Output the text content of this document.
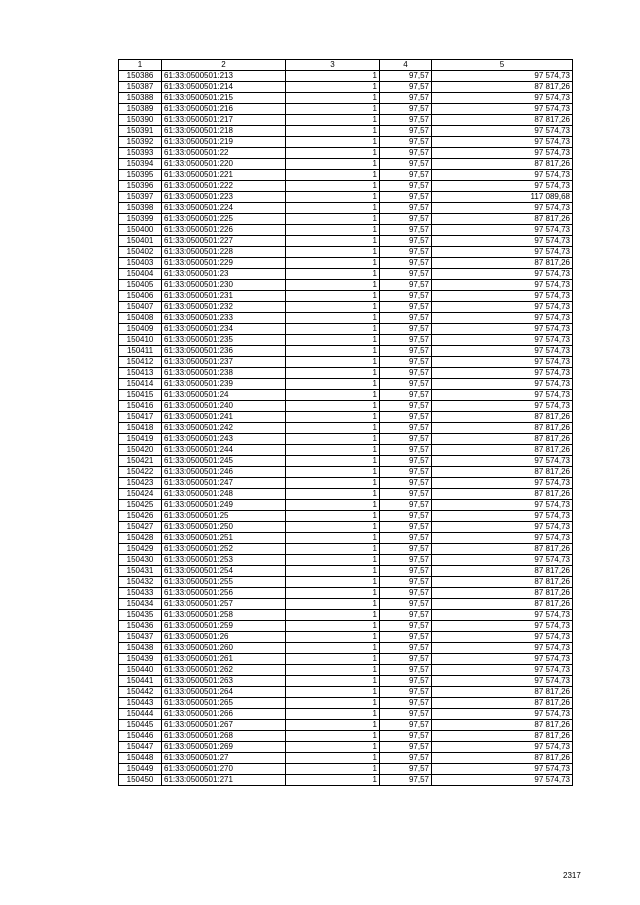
1	2	3	4	5
150386	61:33:0500501:213	1	97,57	97 574,73
150387	61:33:0500501:214	1	97,57	87 817,26
150388	61:33:0500501:215	1	97,57	97 574,73
150389	61:33:0500501:216	1	97,57	97 574,73
150390	61:33:0500501:217	1	97,57	87 817,26
150391	61:33:0500501:218	1	97,57	97 574,73
150392	61:33:0500501:219	1	97,57	97 574,73
150393	61:33:0500501:22	1	97,57	97 574,73
150394	61:33:0500501:220	1	97,57	87 817,26
150395	61:33:0500501:221	1	97,57	97 574,73
150396	61:33:0500501:222	1	97,57	97 574,73
150397	61:33:0500501:223	1	97,57	117 089,68
150398	61:33:0500501:224	1	97,57	97 574,73
150399	61:33:0500501:225	1	97,57	87 817,26
150400	61:33:0500501:226	1	97,57	97 574,73
150401	61:33:0500501:227	1	97,57	97 574,73
150402	61:33:0500501:228	1	97,57	97 574,73
150403	61:33:0500501:229	1	97,57	87 817,26
150404	61:33:0500501:23	1	97,57	97 574,73
150405	61:33:0500501:230	1	97,57	97 574,73
150406	61:33:0500501:231	1	97,57	97 574,73
150407	61:33:0500501:232	1	97,57	97 574,73
150408	61:33:0500501:233	1	97,57	97 574,73
150409	61:33:0500501:234	1	97,57	97 574,73
150410	61:33:0500501:235	1	97,57	97 574,73
150411	61:33:0500501:236	1	97,57	97 574,73
150412	61:33:0500501:237	1	97,57	97 574,73
150413	61:33:0500501:238	1	97,57	97 574,73
150414	61:33:0500501:239	1	97,57	97 574,73
150415	61:33:0500501:24	1	97,57	97 574,73
150416	61:33:0500501:240	1	97,57	97 574,73
150417	61:33:0500501:241	1	97,57	87 817,26
150418	61:33:0500501:242	1	97,57	87 817,26
150419	61:33:0500501:243	1	97,57	87 817,26
150420	61:33:0500501:244	1	97,57	87 817,26
150421	61:33:0500501:245	1	97,57	97 574,73
150422	61:33:0500501:246	1	97,57	87 817,26
150423	61:33:0500501:247	1	97,57	97 574,73
150424	61:33:0500501:248	1	97,57	87 817,26
150425	61:33:0500501:249	1	97,57	97 574,73
150426	61:33:0500501:25	1	97,57	97 574,73
150427	61:33:0500501:250	1	97,57	97 574,73
150428	61:33:0500501:251	1	97,57	97 574,73
150429	61:33:0500501:252	1	97,57	87 817,26
150430	61:33:0500501:253	1	97,57	97 574,73
150431	61:33:0500501:254	1	97,57	87 817,26
150432	61:33:0500501:255	1	97,57	87 817,26
150433	61:33:0500501:256	1	97,57	87 817,26
150434	61:33:0500501:257	1	97,57	87 817,26
150435	61:33:0500501:258	1	97,57	97 574,73
150436	61:33:0500501:259	1	97,57	97 574,73
150437	61:33:0500501:26	1	97,57	97 574,73
150438	61:33:0500501:260	1	97,57	97 574,73
150439	61:33:0500501:261	1	97,57	97 574,73
150440	61:33:0500501:262	1	97,57	97 574,73
150441	61:33:0500501:263	1	97,57	97 574,73
150442	61:33:0500501:264	1	97,57	87 817,26
150443	61:33:0500501:265	1	97,57	87 817,26
150444	61:33:0500501:266	1	97,57	97 574,73
150445	61:33:0500501:267	1	97,57	87 817,26
150446	61:33:0500501:268	1	97,57	87 817,26
150447	61:33:0500501:269	1	97,57	97 574,73
150448	61:33:0500501:27	1	97,57	87 817,26
150449	61:33:0500501:270	1	97,57	97 574,73
150450	61:33:0500501:271	1	97,57	97 574,73
2317
